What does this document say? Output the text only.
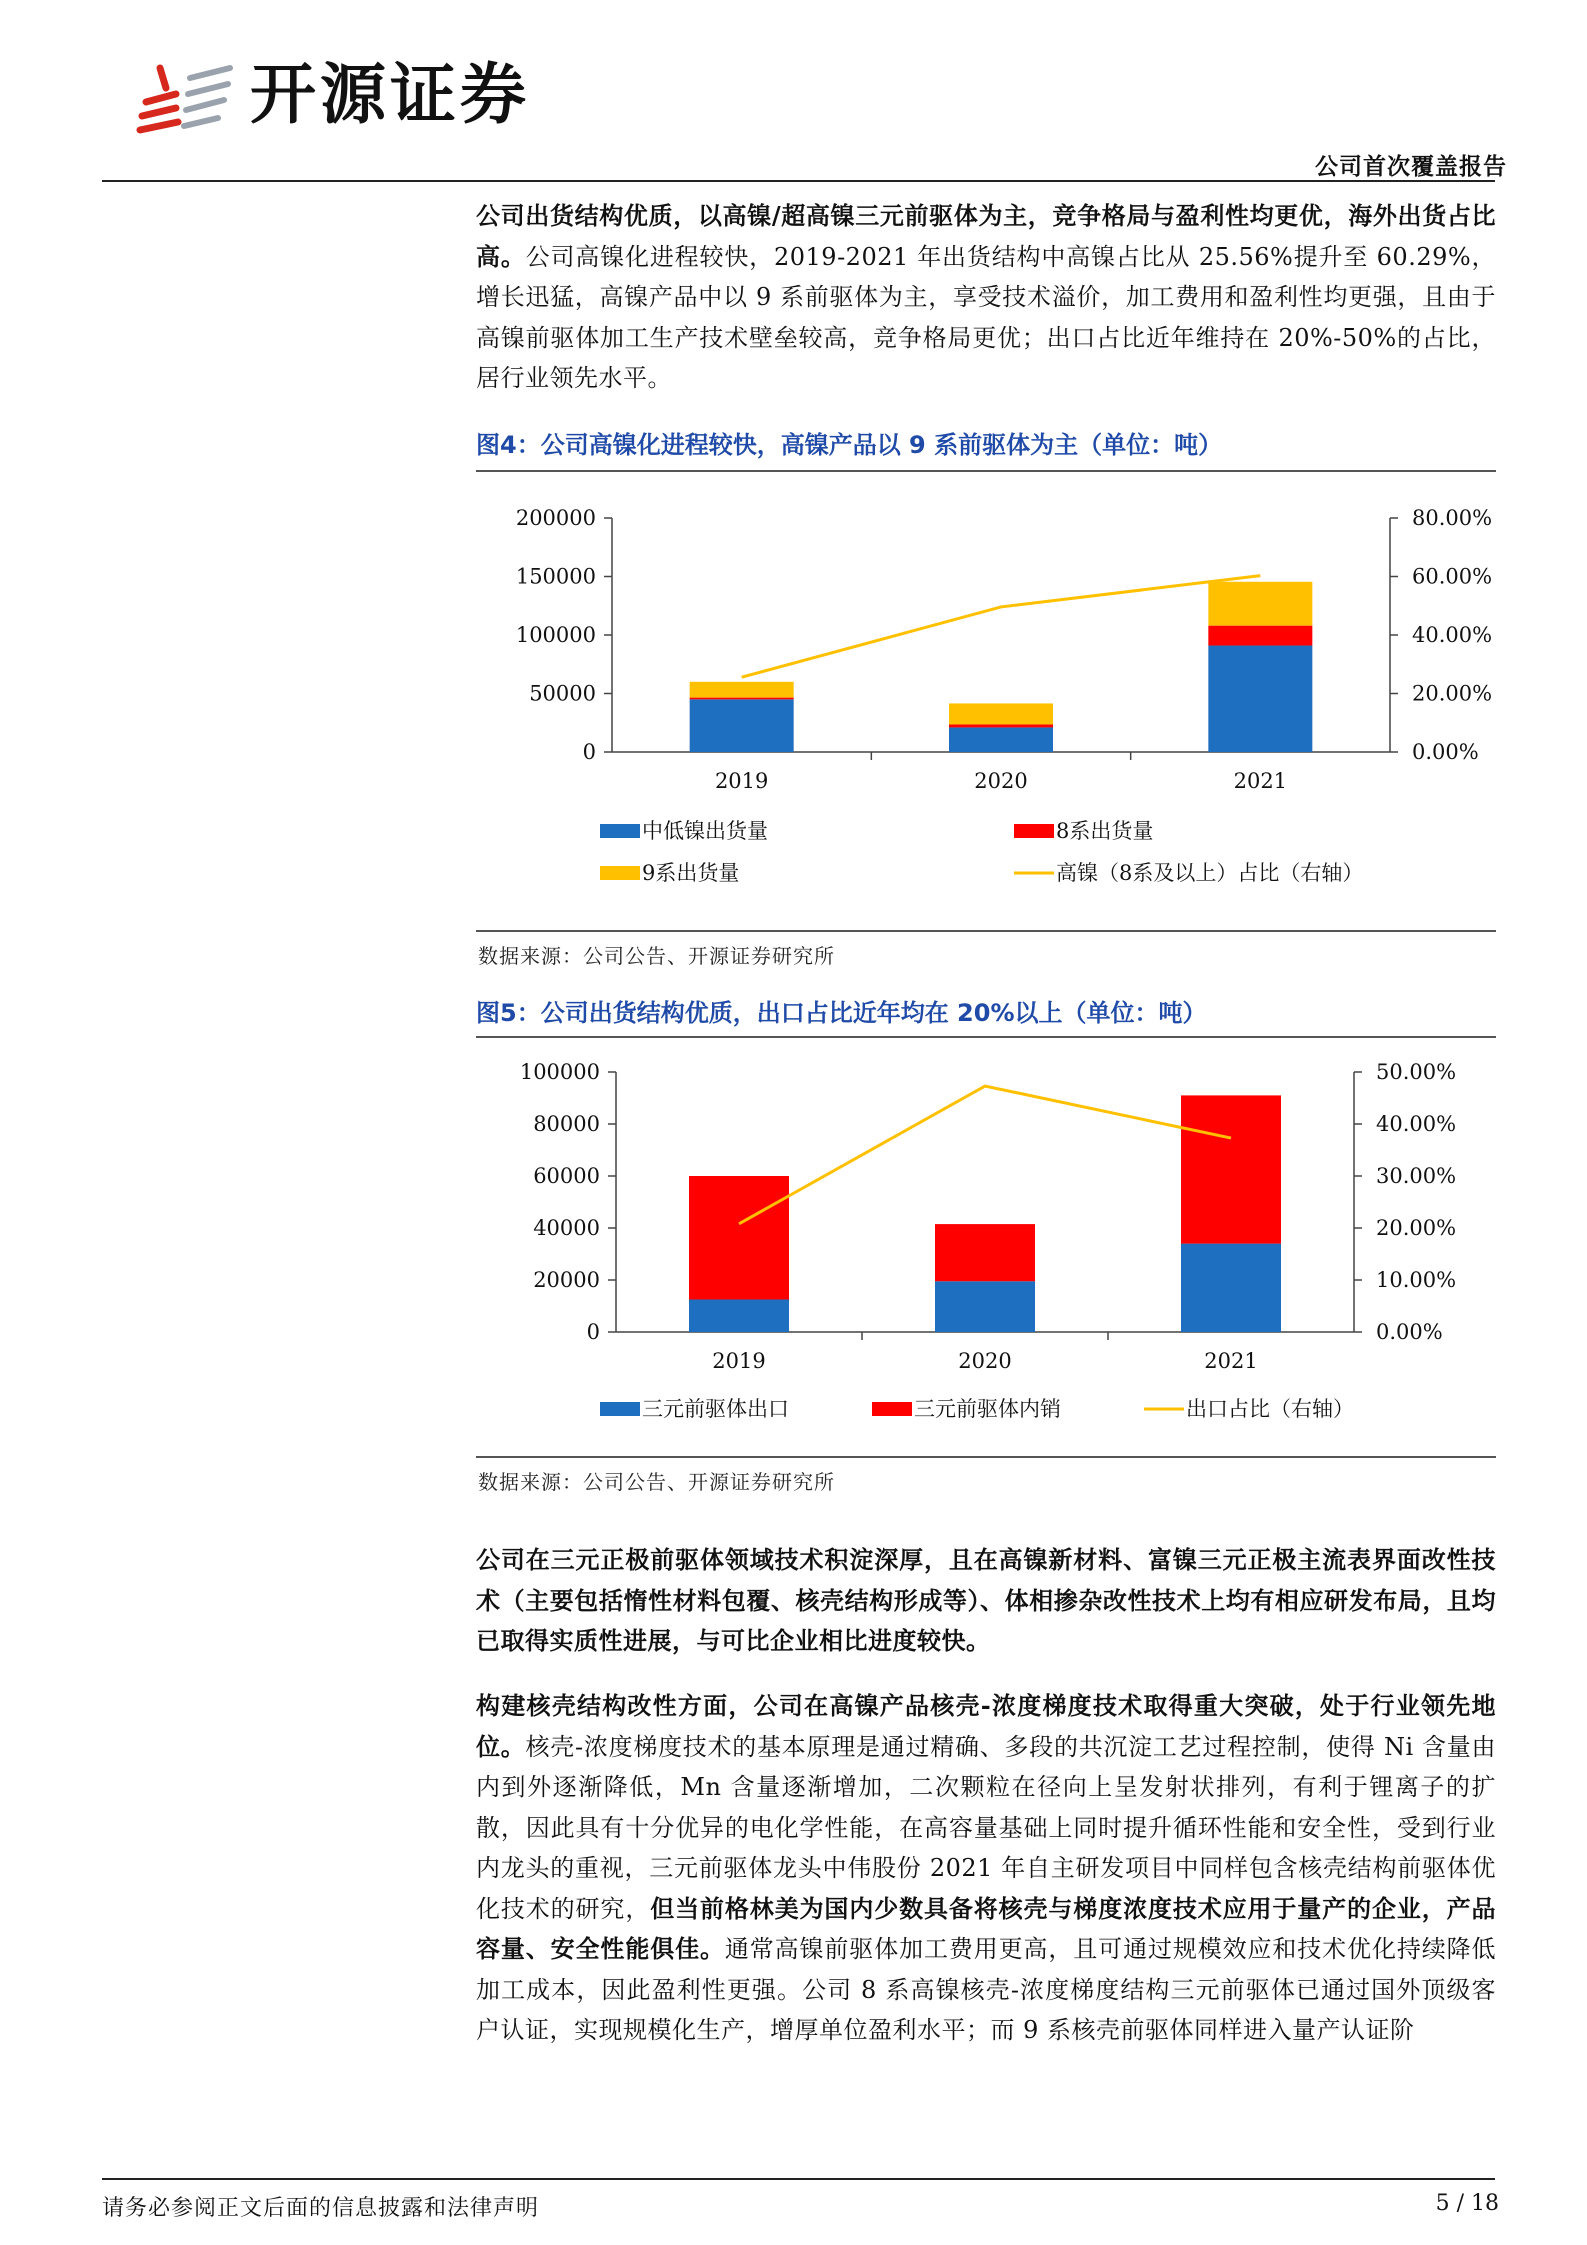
开源证券
公司首次覆盖报告
公司出货结构优质，以高镍/超高镍三元前驱体为主，竞争格局与盈利性均更优，海外出货占比高。公司高镍化进程较快，2019-2021 年出货结构中高镍占比从 25.56%提升至 60.29%，增长迅猛，高镍产品中以 9 系前驱体为主，享受技术溢价，加工费用和盈利性均更强，且由于高镍前驱体加工生产技术壁垒较高，竞争格局更优；出口占比近年维持在 20%-50%的占比，居行业领先水平。
图4：公司高镍化进程较快，高镍产品以 9 系前驱体为主（单位：吨）
200000
150000
100000
50000
0
80.00%
60.00%
40.00%
20.00%
0.00%
2019	2020	2021
中低镍出货量	8系出货量
9系出货量	高镍（8系及以上）占比（右轴）
数据来源：公司公告、开源证券研究所
图5：公司出货结构优质，出口占比近年均在 20%以上（单位：吨）
100000
80000
60000
40000
20000
0
50.00%
40.00%
30.00%
20.00%
10.00%
0.00%
2019	2020	2021
三元前驱体出口	三元前驱体内销	出口占比（右轴）
数据来源：公司公告、开源证券研究所
公司在三元正极前驱体领域技术积淀深厚，且在高镍新材料、富镍三元正极主流表界面改性技术（主要包括惰性材料包覆、核壳结构形成等）、体相掺杂改性技术上均有相应研发布局，且均已取得实质性进展，与可比企业相比进度较快。
构建核壳结构改性方面，公司在高镍产品核壳-浓度梯度技术取得重大突破，处于行业领先地位。核壳-浓度梯度技术的基本原理是通过精确、多段的共沉淀工艺过程控制，使得 Ni 含量由内到外逐渐降低，Mn 含量逐渐增加，二次颗粒在径向上呈发射状排列，有利于锂离子的扩散，因此具有十分优异的电化学性能，在高容量基础上同时提升循环性能和安全性，受到行业内龙头的重视，三元前驱体龙头中伟股份 2021 年自主研发项目中同样包含核壳结构前驱体优化技术的研究，但当前格林美为国内少数具备将核壳与梯度浓度技术应用于量产的企业，产品容量、安全性能俱佳。通常高镍前驱体加工费用更高，且可通过规模效应和技术优化持续降低加工成本，因此盈利性更强。公司 8 系高镍核壳-浓度梯度结构三元前驱体已通过国外顶级客户认证，实现规模化生产，增厚单位盈利水平；而 9 系核壳前驱体同样进入量产认证阶
请务必参阅正文后面的信息披露和法律声明	5 / 18
